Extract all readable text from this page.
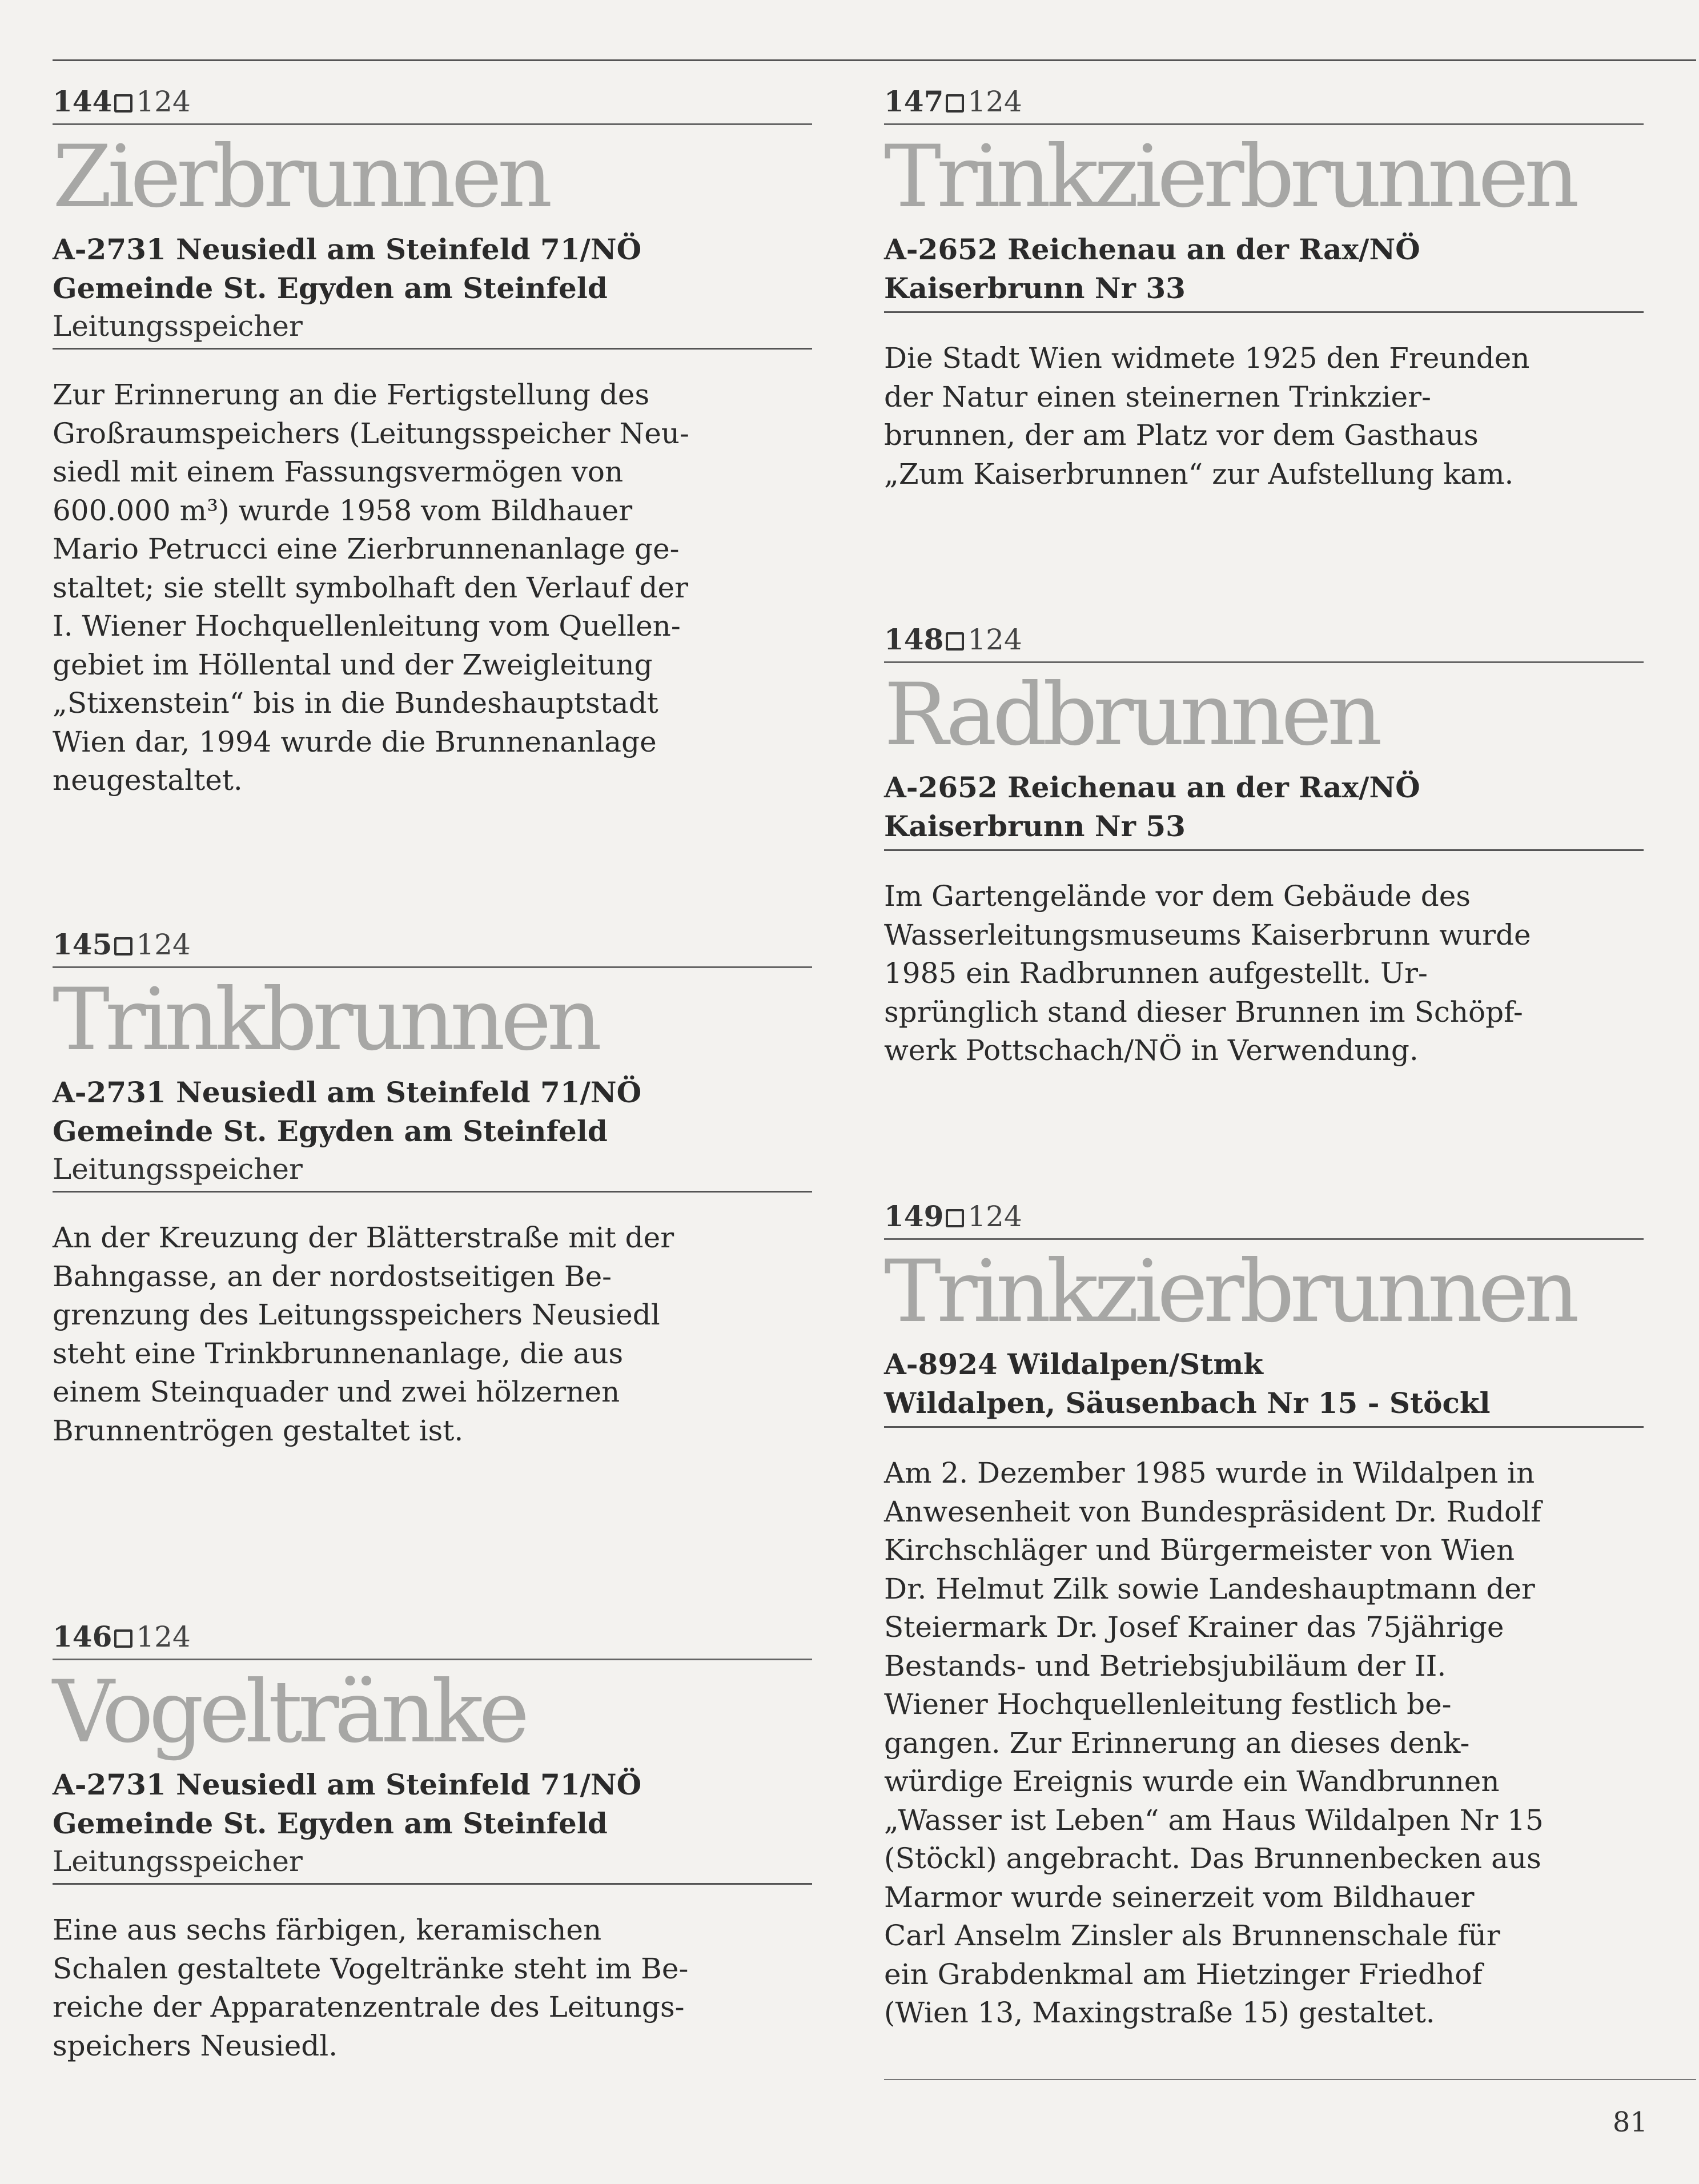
144 124
Zierbrunnen
A-2731 Neusiedl am Steinfeld 71/NÖ
Gemeinde St. Egyden am Steinfeld
Leitungsspeicher
Zur Erinnerung an die Fertigstellung des
Großraumspeichers (Leitungsspeicher Neu-
siedl mit einem Fassungsvermögen von
600.000 m³) wurde 1958 vom Bildhauer
Mario Petrucci eine Zierbrunnenanlage ge-
staltet; sie stellt symbolhaft den Verlauf der
I. Wiener Hochquellenleitung vom Quellen-
gebiet im Höllental und der Zweigleitung
„Stixenstein“ bis in die Bundeshauptstadt
Wien dar, 1994 wurde die Brunnenanlage
neugestaltet.
145 124
Trinkbrunnen
A-2731 Neusiedl am Steinfeld 71/NÖ
Gemeinde St. Egyden am Steinfeld
Leitungsspeicher
An der Kreuzung der Blätterstraße mit der
Bahngasse, an der nordostseitigen Be-
grenzung des Leitungsspeichers Neusiedl
steht eine Trinkbrunnenanlage, die aus
einem Steinquader und zwei hölzernen
Brunnentrögen gestaltet ist.
146 124
Vogeltränke
A-2731 Neusiedl am Steinfeld 71/NÖ
Gemeinde St. Egyden am Steinfeld
Leitungsspeicher
Eine aus sechs färbigen, keramischen
Schalen gestaltete Vogeltränke steht im Be-
reiche der Apparatenzentrale des Leitungs-
speichers Neusiedl.
147 124
Trinkzierbrunnen
A-2652 Reichenau an der Rax/NÖ
Kaiserbrunn Nr 33
Die Stadt Wien widmete 1925 den Freunden
der Natur einen steinernen Trinkzier-
brunnen, der am Platz vor dem Gasthaus
„Zum Kaiserbrunnen“ zur Aufstellung kam.
148 124
Radbrunnen
A-2652 Reichenau an der Rax/NÖ
Kaiserbrunn Nr 53
Im Gartengelände vor dem Gebäude des
Wasserleitungsmuseums Kaiserbrunn wurde
1985 ein Radbrunnen aufgestellt. Ur-
sprünglich stand dieser Brunnen im Schöpf-
werk Pottschach/NÖ in Verwendung.
149 124
Trinkzierbrunnen
A-8924 Wildalpen/Stmk
Wildalpen, Säusenbach Nr 15 - Stöckl
Am 2. Dezember 1985 wurde in Wildalpen in
Anwesenheit von Bundespräsident Dr. Rudolf
Kirchschläger und Bürgermeister von Wien
Dr. Helmut Zilk sowie Landeshauptmann der
Steiermark Dr. Josef Krainer das 75jährige
Bestands- und Betriebsjubiläum der II.
Wiener Hochquellenleitung festlich be-
gangen. Zur Erinnerung an dieses denk-
würdige Ereignis wurde ein Wandbrunnen
„Wasser ist Leben“ am Haus Wildalpen Nr 15
(Stöckl) angebracht. Das Brunnenbecken aus
Marmor wurde seinerzeit vom Bildhauer
Carl Anselm Zinsler als Brunnenschale für
ein Grabdenkmal am Hietzinger Friedhof
(Wien 13, Maxingstraße 15) gestaltet.
81
